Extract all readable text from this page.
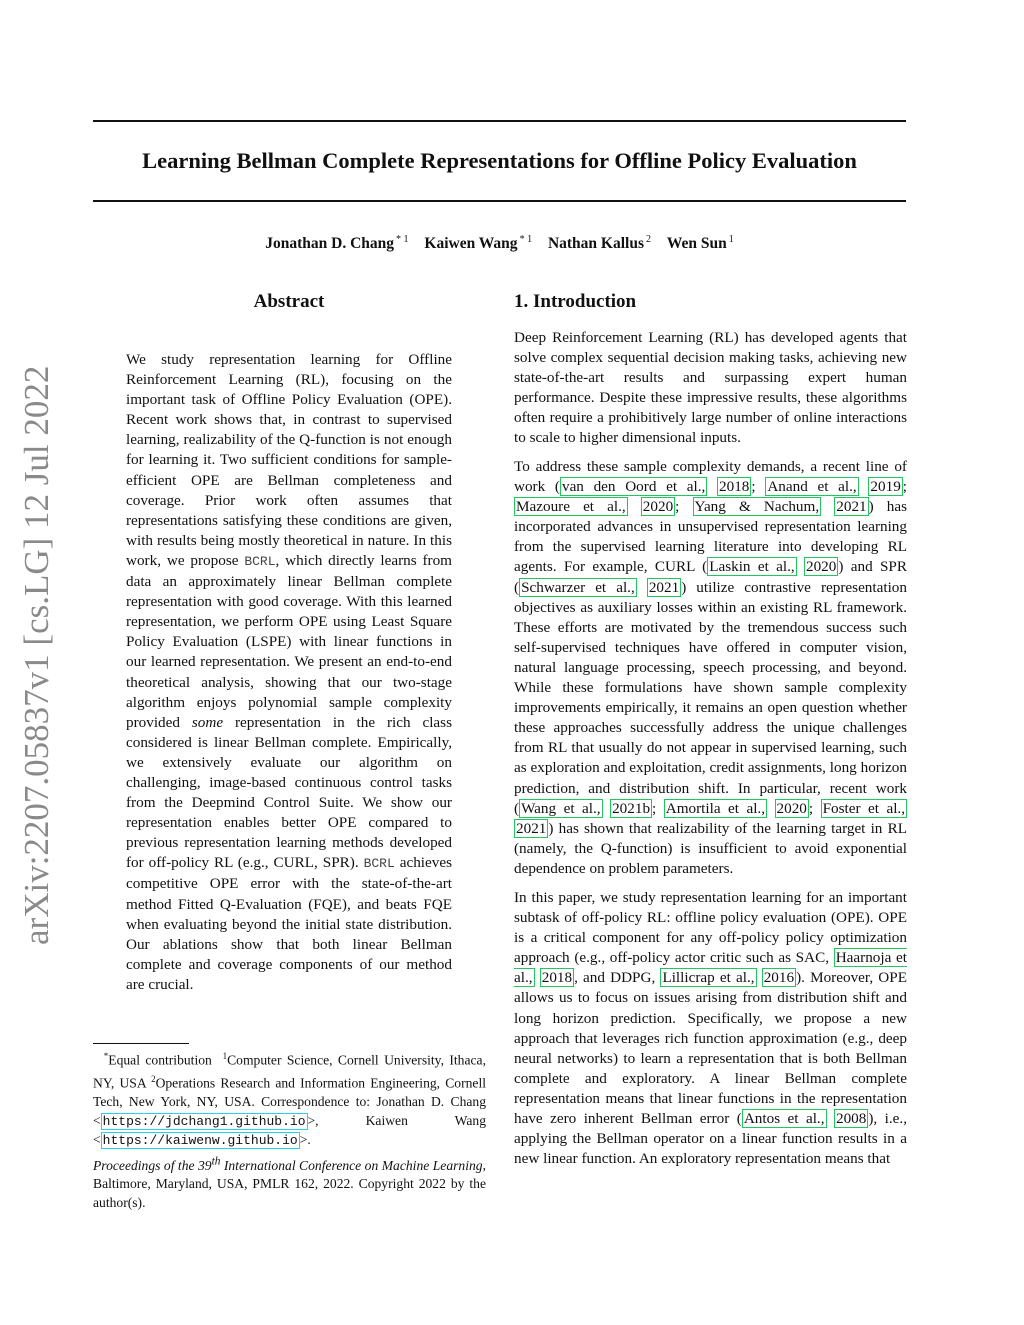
Learning Bellman Complete Representations for Offline Policy Evaluation
Jonathan D. Chang $^{* 1}$ Kaiwen Wang $^{* 1}$ Nathan Kallus $^2$ Wen Sun $^1$
arXiv:2207.05837v1 [cs.LG] 12 Jul 2022
Abstract
We study representation learning for Offline Reinforcement Learning (RL), focusing on the important task of Offline Policy Evaluation (OPE). Recent work shows that, in contrast to supervised learning, realizability of the Q-function is not enough for learning it. Two sufficient conditions for sample-efficient OPE are Bellman completeness and coverage. Prior work often assumes that representations satisfying these conditions are given, with results being mostly theoretical in nature. In this work, we propose BCRL, which directly learns from data an approximately linear Bellman complete representation with good coverage. With this learned representation, we perform OPE using Least Square Policy Evaluation (LSPE) with linear functions in our learned representation. We present an end-to-end theoretical analysis, showing that our two-stage algorithm enjoys polynomial sample complexity provided some representation in the rich class considered is linear Bellman complete. Empirically, we extensively evaluate our algorithm on challenging, image-based continuous control tasks from the Deepmind Control Suite. We show our representation enables better OPE compared to previous representation learning methods developed for off-policy RL (e.g., CURL, SPR). BCRL achieves competitive OPE error with the state-of-the-art method Fitted Q-Evaluation (FQE), and beats FQE when evaluating beyond the initial state distribution. Our ablations show that both linear Bellman complete and coverage components of our method are crucial.
1. Introduction

Deep Reinforcement Learning (RL) has developed agents that solve complex sequential decision making tasks, achieving new state-of-the-art results and surpassing expert human performance. Despite these impressive results, these algorithms often require a prohibitively large number of online interactions to scale to higher dimensional inputs.

To address these sample complexity demands, a recent line of work ( van den Oord et al., 2018 ; Anand et al., 2019 ; Mazoure et al., 2020 ; Yang & Nachum, 2021 ) has incorporated advances in unsupervised representation learning from the supervised learning literature into developing RL agents. For example, CURL ( Laskin et al., 2020 ) and SPR ( Schwarzer et al., 2021 ) utilize contrastive representation objectives as auxiliary losses within an existing RL framework. These efforts are motivated by the tremendous success such self-supervised techniques have offered in computer vision, natural language processing, speech processing, and beyond. While these formulations have shown sample complexity improvements empirically, it remains an open question whether these approaches successfully address the unique challenges from RL that usually do not appear in supervised learning, such as exploration and exploitation, credit assignments, long horizon prediction, and distribution shift. In particular, recent work ( Wang et al., 2021b ; Amortila et al., 2020 ; Foster et al., 2021 ) has shown that realizability of the learning target in RL (namely, the Q-function) is insufficient to avoid exponential dependence on problem parameters.

In this paper, we study representation learning for an important subtask of off-policy RL: offline policy evaluation (OPE). OPE is a critical component for any off-policy policy optimization approach (e.g., off-policy actor critic such as SAC, Haarnoja et al., 2018 , and DDPG, Lillicrap et al., 2016 ). Moreover, OPE allows us to focus on issues arising from distribution shift and long horizon prediction. Specifically, we propose a new approach that leverages rich function approximation (e.g., deep neural networks) to learn a representation that is both Bellman complete and exploratory. A linear Bellman complete representation means that linear functions in the representation have zero inherent Bellman error ( Antos et al., 2008 ), i.e., applying the Bellman operator on a linear function results in a new linear function. An exploratory representation means that

*Equal contribution $^1$Computer Science, Cornell University, Ithaca, NY, USA $^2$Operations Research and Information Engineering, Cornell Tech, New York, NY, USA. Correspondence to: Jonathan D. Chang < https://jdchang1.github.io >, Kaiwen Wang < https://kaiwenw.github.io >.
Proceedings of the 39th International Conference on Machine Learning, Baltimore, Maryland, USA, PMLR 162, 2022. Copyright 2022 by the author(s).
